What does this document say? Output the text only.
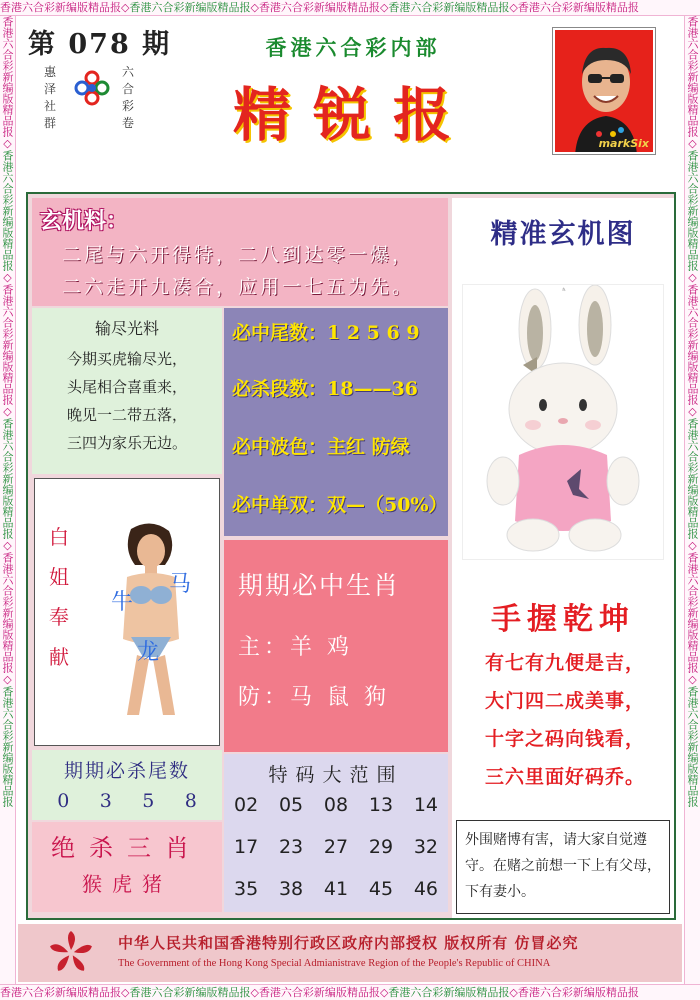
香港六合彩新编版精品报◇香港六合彩新编版精品报◇香港六合彩新编版精品报◇香港六合彩新编版精品报◇香港六合彩新编版精品报
香港六合彩新编版精品报◇香港六合彩新编版精品报◇香港六合彩新编版精品报◇香港六合彩新编版精品报◇香港六合彩新编版精品报
香港六合彩新编版精品报◇香港六合彩新编版精品报◇香港六合彩新编版精品报◇香港六合彩新编版精品报◇香港六合彩新编版精品报◇香港六合彩新编版精品报
香港六合彩新编版精品报◇香港六合彩新编版精品报◇香港六合彩新编版精品报◇香港六合彩新编版精品报◇香港六合彩新编版精品报◇香港六合彩新编版精品报
第 078 期
惠泽社群
六合彩卷
香港六合彩内部
精锐报	markSix
玄机料：
二尾与六开得特，二八到达零一爆，
二六走开九凑合，应用一七五为先。
输尽光料
今期买虎输尽光，
头尾相合喜重来，
晚见一二带五落，
三四为家乐无边。
必中尾数：1 2 5 6 9
必杀段数：18——36
必中波色：主红 防绿
必中单双：双—（50%）
白
姐
奉
献
牛
马
龙
期期必中生肖
主：羊 鸡
防：马 鼠 狗
期期必杀尾数
0 3 5 8
绝杀三肖
猴虎猪
特码大范围
02 05 08 13 14
17 23 27 29 32
35 38 41 45 46
精准玄机图
手握乾坤
有七有九便是吉，
大门四二成美事，
十字之码向钱看，
三六里面好码乔。
外围赌博有害，请大家自觉遵守。在赌之前想一下上有父母，下有妻小。
中华人民共和国香港特别行政区政府内部授权 版权所有 仿冒必究
The Government of the Hong Kong Special Admianistrave Region of the People's Republic of CHINA
